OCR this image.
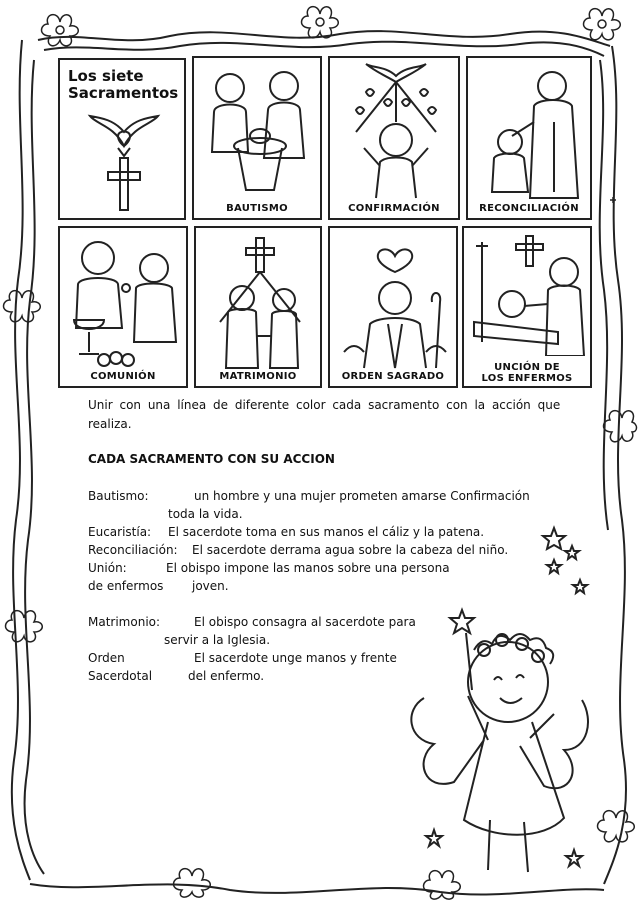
Los siete Sacramentos
BAUTISMO	CONFIRMACIÓN	RECONCILIACIÓN
COMUNIÓN	MATRIMONIO	ORDEN SAGRADO
UNCIÓN DE
LOS ENFERMOS
Unir con una línea de diferente color cada sacramento con la acción que
realiza.
CADA SACRAMENTO CON SU ACCION
Bautismo:	un hombre y una mujer prometen amarse Confirmación
toda la vida.
Eucaristía: El sacerdote toma en sus manos el cáliz y la patena.
Reconciliación: El sacerdote derrama agua sobre la cabeza del niño.
Unión:	El obispo impone las manos sobre una persona
de enfermos joven.
Matrimonio:	El obispo consagra al sacerdote para
servir a la Iglesia.
Orden	El sacerdote unge manos y frente
Sacerdotal	del enfermo.
